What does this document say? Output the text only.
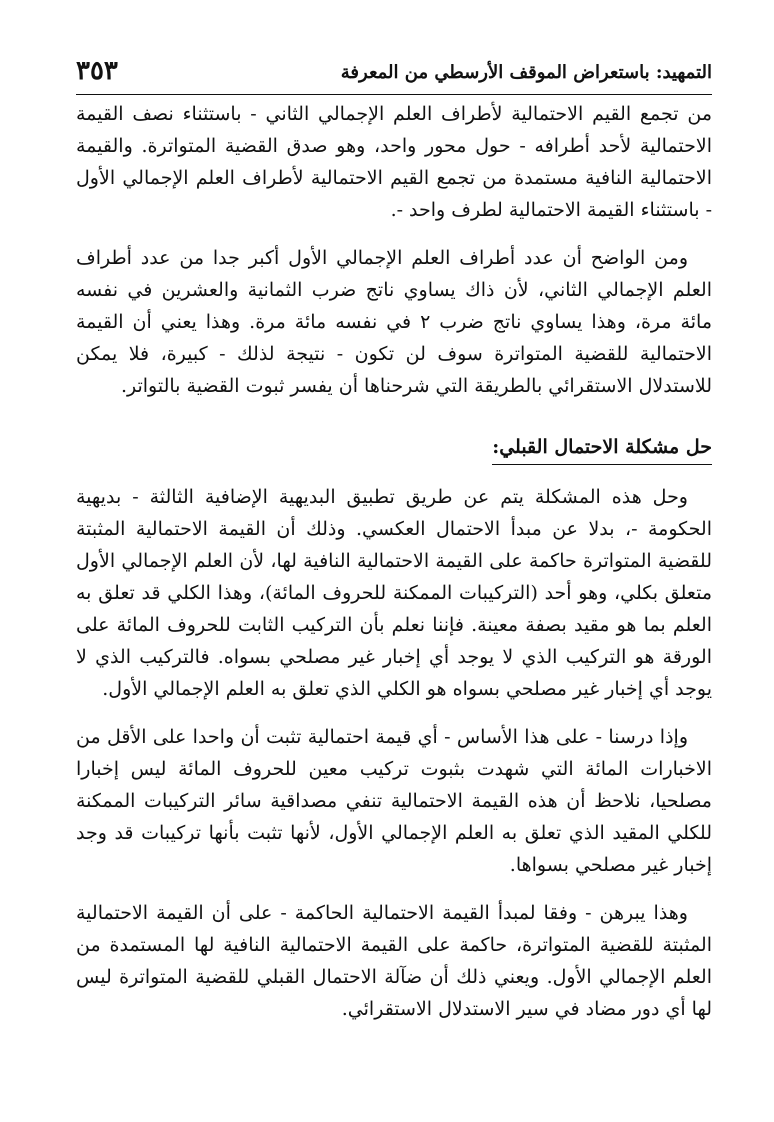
٣٥٣	التمهيد: باستعراض الموقف الأرسطي من المعرفة

من تجمع القيم الاحتمالية لأطراف العلم الإجمالي الثاني - باستثناء نصف القيمة الاحتمالية لأحد أطرافه - حول محور واحد، وهو صدق القضية المتواترة. والقيمة الاحتمالية النافية مستمدة من تجمع القيم الاحتمالية لأطراف العلم الإجمالي الأول - باستثناء القيمة الاحتمالية لطرف واحد -.

ومن الواضح أن عدد أطراف العلم الإجمالي الأول أكبر جدا من عدد أطراف العلم الإجمالي الثاني، لأن ذاك يساوي ناتج ضرب الثمانية والعشرين في نفسه مائة مرة، وهذا يساوي ناتج ضرب ٢ في نفسه مائة مرة. وهذا يعني أن القيمة الاحتمالية للقضية المتواترة سوف لن تكون - نتيجة لذلك - كبيرة، فلا يمكن للاستدلال الاستقرائي بالطريقة التي شرحناها أن يفسر ثبوت القضية بالتواتر.

حل مشكلة الاحتمال القبلي:

وحل هذه المشكلة يتم عن طريق تطبيق البديهية الإضافية الثالثة - بديهية الحكومة -، بدلا عن مبدأ الاحتمال العكسي. وذلك أن القيمة الاحتمالية المثبتة للقضية المتواترة حاكمة على القيمة الاحتمالية النافية لها، لأن العلم الإجمالي الأول متعلق بكلي، وهو أحد (التركيبات الممكنة للحروف المائة)، وهذا الكلي قد تعلق به العلم بما هو مقيد بصفة معينة. فإننا نعلم بأن التركيب الثابت للحروف المائة على الورقة هو التركيب الذي لا يوجد أي إخبار غير مصلحي بسواه. فالتركيب الذي لا يوجد أي إخبار غير مصلحي بسواه هو الكلي الذي تعلق به العلم الإجمالي الأول.

وإذا درسنا - على هذا الأساس - أي قيمة احتمالية تثبت أن واحدا على الأقل من الاخبارات المائة التي شهدت بثبوت تركيب معين للحروف المائة ليس إخبارا مصلحيا، نلاحظ أن هذه القيمة الاحتمالية تنفي مصداقية سائر التركيبات الممكنة للكلي المقيد الذي تعلق به العلم الإجمالي الأول، لأنها تثبت بأنها تركيبات قد وجد إخبار غير مصلحي بسواها.

وهذا يبرهن - وفقا لمبدأ القيمة الاحتمالية الحاكمة - على أن القيمة الاحتمالية المثبتة للقضية المتواترة، حاكمة على القيمة الاحتمالية النافية لها المستمدة من العلم الإجمالي الأول. ويعني ذلك أن ضآلة الاحتمال القبلي للقضية المتواترة ليس لها أي دور مضاد في سير الاستدلال الاستقرائي.
